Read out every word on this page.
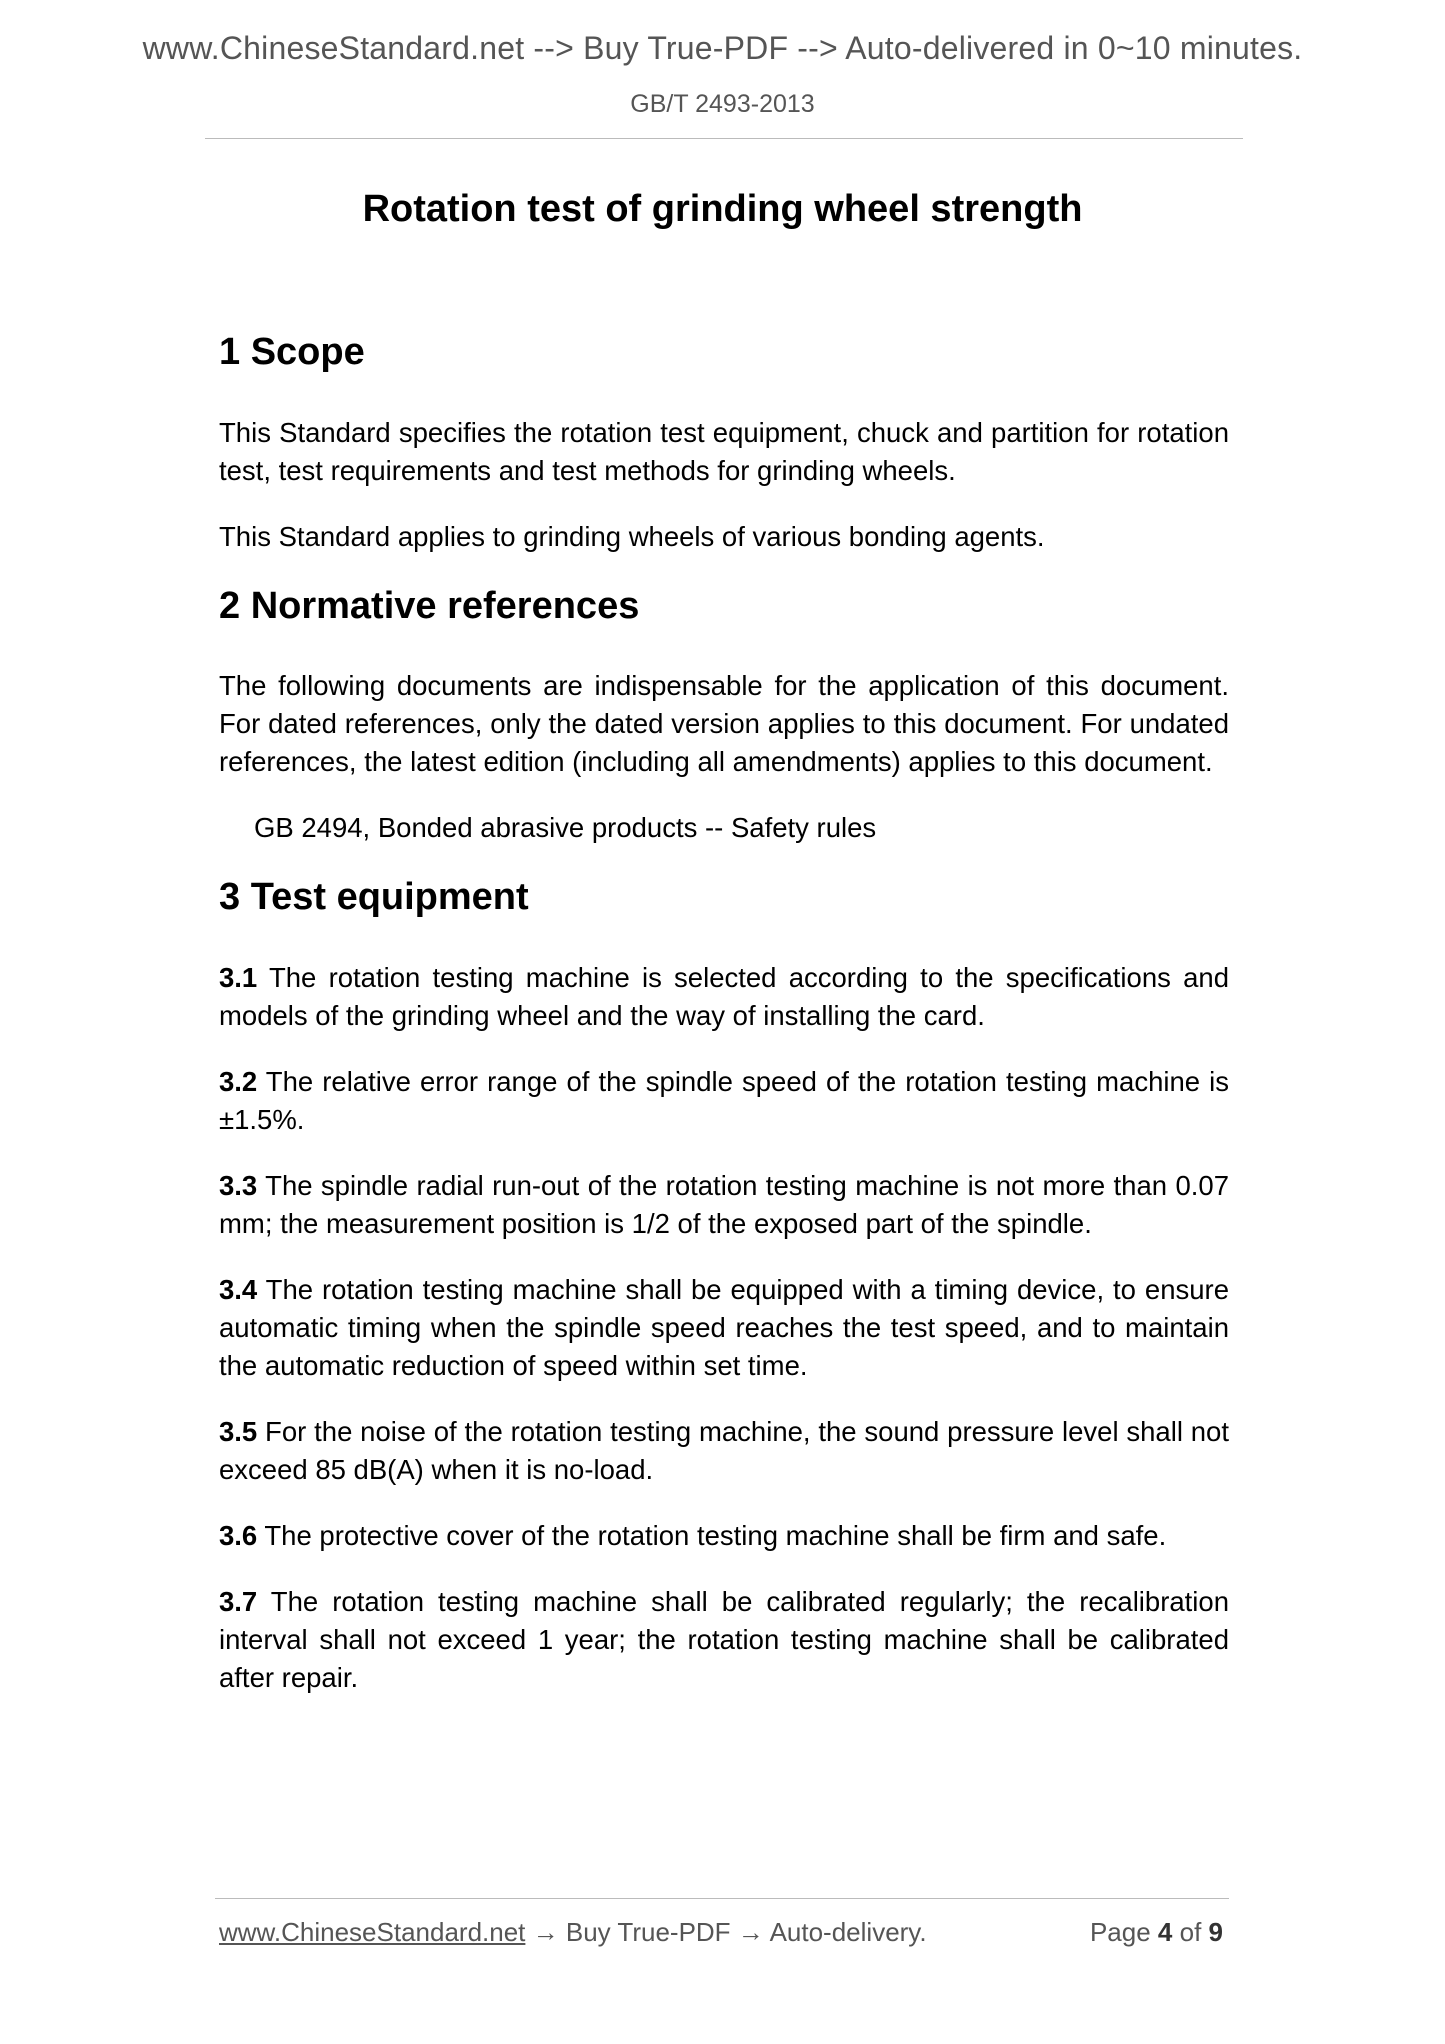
www.ChineseStandard.net --> Buy True-PDF --> Auto-delivered in 0~10 minutes.
GB/T 2493-2013
Rotation test of grinding wheel strength
1 Scope

This Standard specifies the rotation test equipment, chuck and partition for rotation test, test requirements and test methods for grinding wheels.

This Standard applies to grinding wheels of various bonding agents.

2 Normative references

The following documents are indispensable for the application of this document. For dated references, only the dated version applies to this document. For undated references, the latest edition (including all amendments) applies to this document.

GB 2494, Bonded abrasive products -- Safety rules

3 Test equipment

3.1 The rotation testing machine is selected according to the specifications and models of the grinding wheel and the way of installing the card.

3.2 The relative error range of the spindle speed of the rotation testing machine is ±1.5%.

3.3 The spindle radial run-out of the rotation testing machine is not more than 0.07 mm; the measurement position is 1/2 of the exposed part of the spindle.

3.4 The rotation testing machine shall be equipped with a timing device, to ensure automatic timing when the spindle speed reaches the test speed, and to maintain the automatic reduction of speed within set time.

3.5 For the noise of the rotation testing machine, the sound pressure level shall not exceed 85 dB(A) when it is no-load.

3.6 The protective cover of the rotation testing machine shall be firm and safe.

3.7 The rotation testing machine shall be calibrated regularly; the recalibration interval shall not exceed 1 year; the rotation testing machine shall be calibrated after repair.

www.ChineseStandard.net → Buy True-PDF → Auto-delivery.	Page 4 of 9
